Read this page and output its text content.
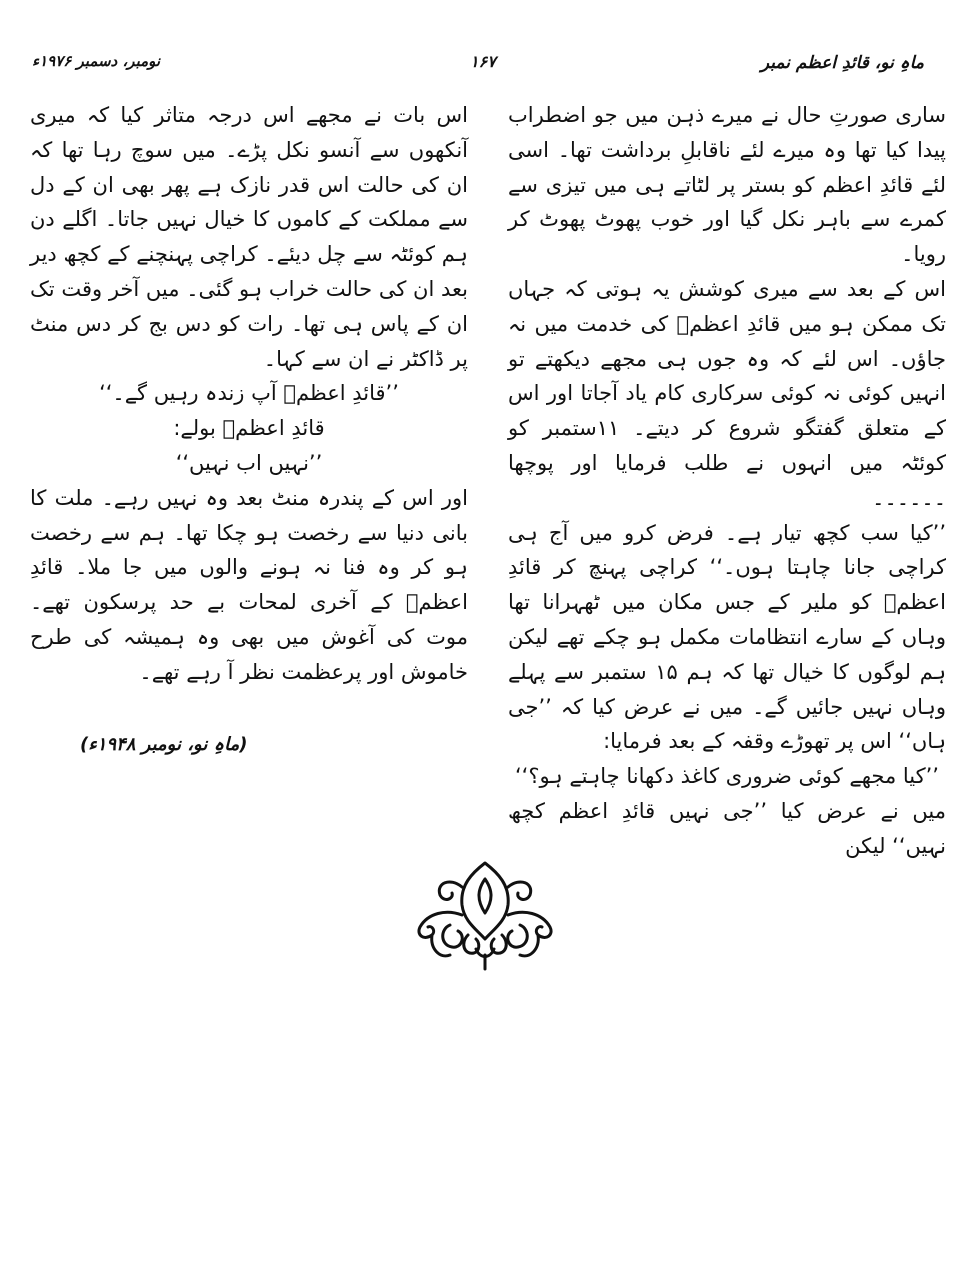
ماہِ نو، قائدِ اعظم نمبر
۱۶۷
نومبر، دسمبر ۱۹۷۶ء

ساری صورتِ حال نے میرے ذہن میں جو اضطراب پیدا کیا تھا وہ میرے لئے ناقابلِ برداشت تھا۔ اسی لئے قائدِ اعظم کو بستر پر لٹاتے ہی میں تیزی سے کمرے سے باہر نکل گیا اور خوب پھوٹ پھوٹ کر رویا۔

اس کے بعد سے میری کوشش یہ ہوتی کہ جہاں تک ممکن ہو میں قائدِ اعظمؒ کی خدمت میں نہ جاؤں۔ اس لئے کہ وہ جوں ہی مجھے دیکھتے تو انہیں کوئی نہ کوئی سرکاری کام یاد آجاتا اور اس کے متعلق گفتگو شروع کر دیتے۔ ۱۱ستمبر کو کوئٹہ میں انہوں نے طلب فرمایا اور پوچھا ۔۔۔۔۔۔

’’کیا سب کچھ تیار ہے۔ فرض کرو میں آج ہی کراچی جانا چاہتا ہوں۔‘‘ کراچی پہنچ کر قائدِ اعظمؒ کو ملیر کے جس مکان میں ٹھہرانا تھا وہاں کے سارے انتظامات مکمل ہو چکے تھے لیکن ہم لوگوں کا خیال تھا کہ ہم ۱۵ ستمبر سے پہلے وہاں نہیں جائیں گے۔ میں نے عرض کیا کہ ’’جی ہاں‘‘ اس پر تھوڑے وقفہ کے بعد فرمایا:

’’کیا مجھے کوئی ضروری کاغذ دکھانا چاہتے ہو؟‘‘

میں نے عرض کیا ’’جی نہیں قائدِ اعظم کچھ نہیں‘‘ لیکن

اس بات نے مجھے اس درجہ متاثر کیا کہ میری آنکھوں سے آنسو نکل پڑے۔ میں سوچ رہا تھا کہ ان کی حالت اس قدر نازک ہے پھر بھی ان کے دل سے مملکت کے کاموں کا خیال نہیں جاتا۔ اگلے دن ہم کوئٹہ سے چل دیئے۔ کراچی پہنچنے کے کچھ دیر بعد ان کی حالت خراب ہو گئی۔ میں آخر وقت تک ان کے پاس ہی تھا۔ رات کو دس بج کر دس منٹ پر ڈاکٹر نے ان سے کہا۔

’’قائدِ اعظمؒ آپ زندہ رہیں گے۔‘‘

قائدِ اعظمؒ بولے:

’’نہیں اب نہیں‘‘

اور اس کے پندرہ منٹ بعد وہ نہیں رہے۔ ملت کا بانی دنیا سے رخصت ہو چکا تھا۔ ہم سے رخصت ہو کر وہ فنا نہ ہونے والوں میں جا ملا۔ قائدِ اعظمؒ کے آخری لمحات بے حد پرسکون تھے۔ موت کی آغوش میں بھی وہ ہمیشہ کی طرح خاموش اور پرعظمت نظر آ رہے تھے۔

(ماہِ نو، نومبر ۱۹۴۸ء)
